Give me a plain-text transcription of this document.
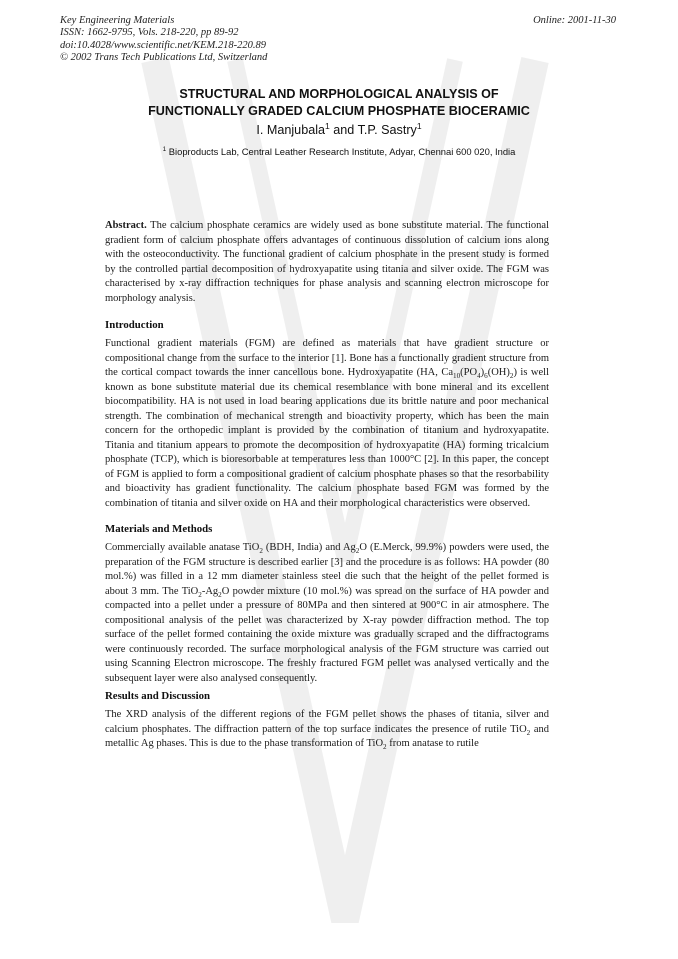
Key Engineering Materials
ISSN: 1662-9795, Vols. 218-220, pp 89-92
doi:10.4028/www.scientific.net/KEM.218-220.89
© 2002 Trans Tech Publications Ltd, Switzerland
Online: 2001-11-30
STRUCTURAL AND MORPHOLOGICAL ANALYSIS OF
FUNCTIONALLY GRADED CALCIUM PHOSPHATE BIOCERAMIC
I. Manjubala$^1$ and T.P. Sastry$^1$
$^1$ Bioproducts Lab, Central Leather Research Institute, Adyar, Chennai 600 020, India

Abstract. The calcium phosphate ceramics are widely used as bone substitute material. The functional gradient form of calcium phosphate offers advantages of continuous dissolution of calcium ions along with the osteoconductivity. The functional gradient of calcium phosphate in the present study is formed by the controlled partial decomposition of hydroxyapatite using titania and silver oxide. The FGM was characterised by x-ray diffraction techniques for phase analysis and scanning electron microscope for morphology analysis.

Introduction

Functional gradient materials (FGM) are defined as materials that have gradient structure or compositional change from the surface to the interior [1]. Bone has a functionally gradient structure from the cortical compact towards the inner cancellous bone. Hydroxyapatite (HA, $Ca_{10}(PO_4)_6(OH)_2$) is well known as bone substitute material due its chemical resemblance with bone mineral and its excellent biocompatibility. HA is not used in load bearing applications due its brittle nature and poor mechanical strength. The combination of mechanical strength and bioactivity property, which has been the main concern for the orthopedic implant is provided by the combination of titanium and hydroxyapatite. Titania and titanium appears to promote the decomposition of hydroxyapatite (HA) forming tricalcium phosphate (TCP), which is bioresorbable at temperatures less than 1000°C [2]. In this paper, the concept of FGM is applied to form a compositional gradient of calcium phosphate phases so that the resorbability and bioactivity has gradient functionality. The calcium phosphate based FGM was formed by the combination of titania and silver oxide on HA and their morphological characteristics were observed.

Materials and Methods

Commercially available anatase TiO$_2$ (BDH, India) and $Ag_2O$ (E.Merck, 99.9%) powders were used, the preparation of the FGM structure is described earlier [3] and the procedure is as follows: HA powder (80 mol.%) was filled in a 12 mm diameter stainless steel die such that the height of the pellet formed is about 3 mm. The $TiO_2-Ag_2O$ powder mixture (10 mol.%) was spread on the surface of HA powder and compacted into a pellet under a pressure of 80MPa and then sintered at 900°C in air atmosphere. The compositional analysis of the pellet was characterized by X-ray powder diffraction method. The top surface of the pellet formed containing the oxide mixture was gradually scraped and the diffractograms were continuously recorded. The surface morphological analysis of the FGM structure was carried out using Scanning Electron microscope. The freshly fractured FGM pellet was analysed vertically and the subsequent layer were also analysed consequently.

Results and Discussion

The XRD analysis of the different regions of the FGM pellet shows the phases of titania, silver and calcium phosphates. The diffraction pattern of the top surface indicates the presence of rutile TiO$_2$ and metallic Ag phases. This is due to the phase transformation of TiO$_2$ from anatase to rutile
